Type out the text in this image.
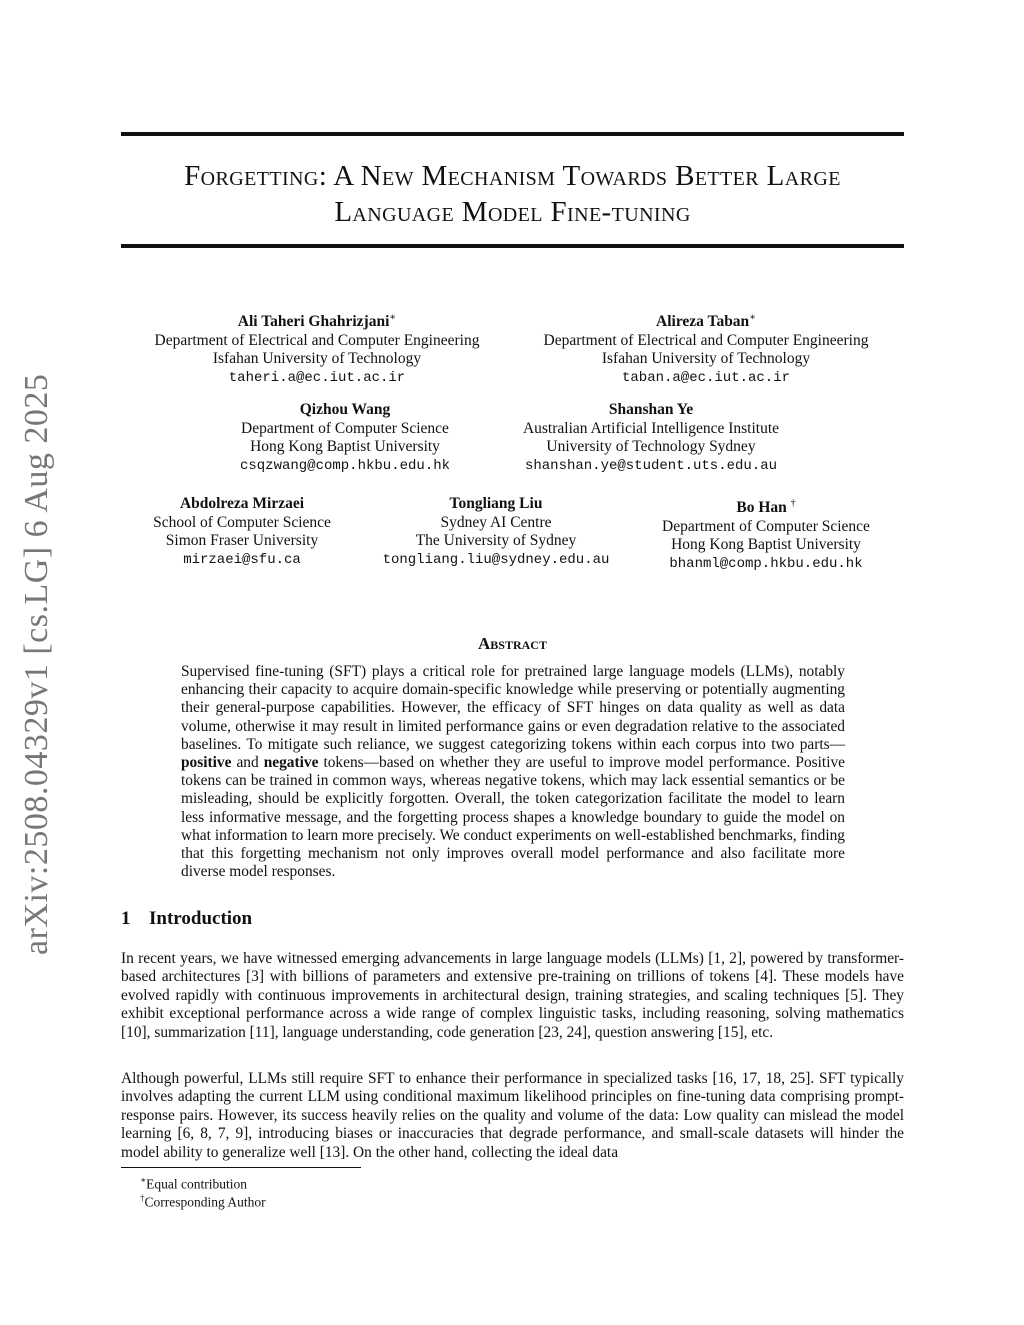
arXiv:2508.04329v1 [cs.LG] 6 Aug 2025
Forgetting: A New Mechanism Towards Better Large
Language Model Fine-tuning
Ali Taheri Ghahrizjani∗
Department of Electrical and Computer Engineering
Isfahan University of Technology
taheri.a@ec.iut.ac.ir
Alireza Taban∗
Department of Electrical and Computer Engineering
Isfahan University of Technology
taban.a@ec.iut.ac.ir
Qizhou Wang
Department of Computer Science
Hong Kong Baptist University
csqzwang@comp.hkbu.edu.hk
Shanshan Ye
Australian Artificial Intelligence Institute
University of Technology Sydney
shanshan.ye@student.uts.edu.au
Abdolreza Mirzaei
School of Computer Science
Simon Fraser University
mirzaei@sfu.ca
Tongliang Liu
Sydney AI Centre
The University of Sydney
tongliang.liu@sydney.edu.au
Bo Han †
Department of Computer Science
Hong Kong Baptist University
bhanml@comp.hkbu.edu.hk
Abstract
Supervised fine-tuning (SFT) plays a critical role for pretrained large language models (LLMs), notably enhancing their capacity to acquire domain-specific knowledge while preserving or potentially augmenting their general-purpose capabilities. However, the efficacy of SFT hinges on data quality as well as data volume, otherwise it may result in limited performance gains or even degradation relative to the associated baselines. To mitigate such reliance, we suggest categorizing tokens within each corpus into two parts—positive and negative tokens—based on whether they are useful to improve model performance. Positive tokens can be trained in common ways, whereas negative tokens, which may lack essential semantics or be misleading, should be explicitly forgotten. Overall, the token categorization facilitate the model to learn less informative message, and the forgetting process shapes a knowledge boundary to guide the model on what information to learn more precisely. We conduct experiments on well-established benchmarks, finding that this forgetting mechanism not only improves overall model performance and also facilitate more diverse model responses.
1 Introduction
In recent years, we have witnessed emerging advancements in large language models (LLMs) [1, 2], powered by transformer-based architectures [3] with billions of parameters and extensive pre-training on trillions of tokens [4]. These models have evolved rapidly with continuous improvements in architectural design, training strategies, and scaling techniques [5]. They exhibit exceptional performance across a wide range of complex linguistic tasks, including reasoning, solving mathematics [10], summarization [11], language understanding, code generation [23, 24], question answering [15], etc.
Although powerful, LLMs still require SFT to enhance their performance in specialized tasks [16, 17, 18, 25]. SFT typically involves adapting the current LLM using conditional maximum likelihood principles on fine-tuning data comprising prompt-response pairs. However, its success heavily relies on the quality and volume of the data: Low quality can mislead the model learning [6, 8, 7, 9], introducing biases or inaccuracies that degrade performance, and small-scale datasets will hinder the model ability to generalize well [13]. On the other hand, collecting the ideal data
∗Equal contribution
†Corresponding Author
